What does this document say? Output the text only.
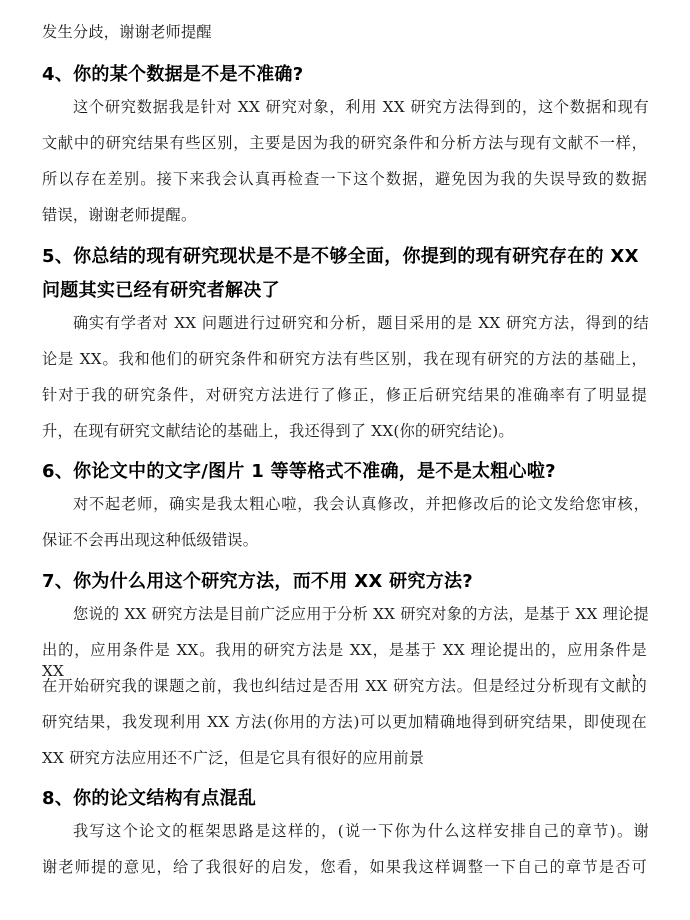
发生分歧，谢谢老师提醒
4、你的某个数据是不是不准确?
这个研究数据我是针对 XX 研究对象，利用 XX 研究方法得到的，这个数据和现有
文献中的研究结果有些区别，主要是因为我的研究条件和分析方法与现有文献不一样，
所以存在差别。接下来我会认真再检查一下这个数据，避免因为我的失误导致的数据
错误，谢谢老师提醒。
5、你总结的现有研究现状是不是不够全面，你提到的现有研究存在的 XX
问题其实已经有研究者解决了
确实有学者对 XX 问题进行过研究和分析，题目采用的是 XX 研究方法，得到的结
论是 XX。我和他们的研究条件和研究方法有些区别，我在现有研究的方法的基础上，
针对于我的研究条件，对研究方法进行了修正，修正后研究结果的准确率有了明显提
升，在现有研究文献结论的基础上，我还得到了 XX(你的研究结论)。
6、你论文中的文字/图片 1 等等格式不准确，是不是太粗心啦?
对不起老师，确实是我太粗心啦，我会认真修改，并把修改后的论文发给您审核，
保证不会再出现这种低级错误。
7、你为什么用这个研究方法，而不用 XX 研究方法?
您说的 XX 研究方法是目前广泛应用于分析 XX 研究对象的方法，是基于 XX 理论提
出的，应用条件是 XX。我用的研究方法是 XX，是基于 XX 理论提出的，应用条件是 XX，
在开始研究我的课题之前，我也纠结过是否用 XX 研究方法。但是经过分析现有文献的
研究结果，我发现利用 XX 方法(你用的方法)可以更加精确地得到研究结果，即使现在
XX 研究方法应用还不广泛，但是它具有很好的应用前景
8、你的论文结构有点混乱
我写这个论文的框架思路是这样的，(说一下你为什么这样安排自己的章节)。谢
谢老师提的意见，给了我很好的启发，您看，如果我这样调整一下自己的章节是否可
